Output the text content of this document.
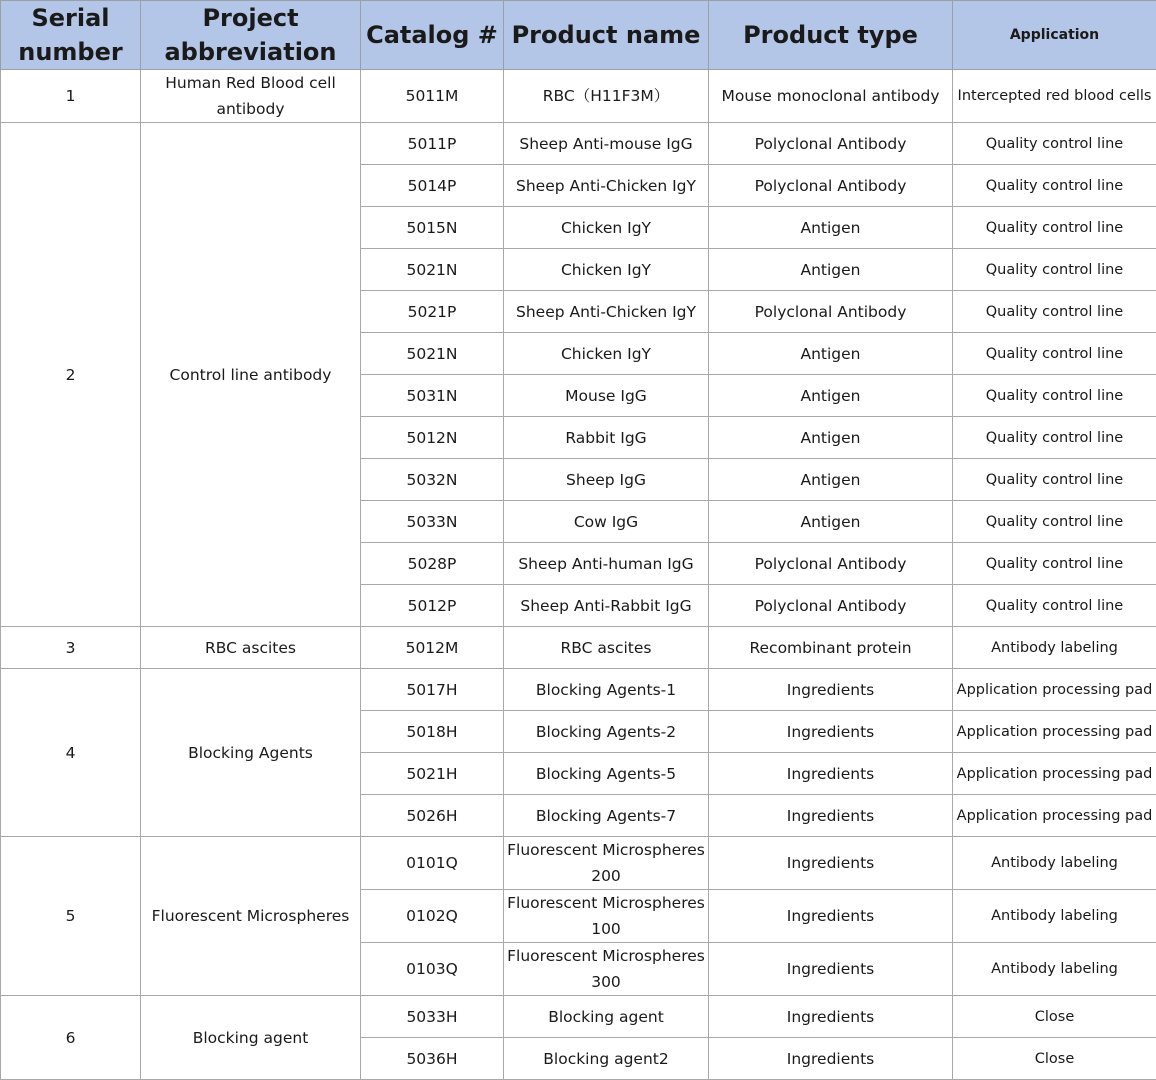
Serial number	Project abbreviation	Catalog #	Product name	Product type	Application
1	Human Red Blood cell antibody	5011M	RBC（H11F3M）	Mouse monoclonal antibody	Intercepted red blood cells
2	Control line antibody	5011P	Sheep Anti-mouse IgG	Polyclonal Antibody	Quality control line
		5014P	Sheep Anti-Chicken IgY	Polyclonal Antibody	Quality control line
		5015N	Chicken IgY	Antigen	Quality control line
		5021N	Chicken IgY	Antigen	Quality control line
		5021P	Sheep Anti-Chicken IgY	Polyclonal Antibody	Quality control line
		5021N	Chicken IgY	Antigen	Quality control line
		5031N	Mouse IgG	Antigen	Quality control line
		5012N	Rabbit IgG	Antigen	Quality control line
		5032N	Sheep IgG	Antigen	Quality control line
		5033N	Cow IgG	Antigen	Quality control line
		5028P	Sheep Anti-human IgG	Polyclonal Antibody	Quality control line
		5012P	Sheep Anti-Rabbit IgG	Polyclonal Antibody	Quality control line
3	RBC ascites	5012M	RBC ascites	Recombinant protein	Antibody labeling
4	Blocking Agents	5017H	Blocking Agents-1	Ingredients	Application processing pad
		5018H	Blocking Agents-2	Ingredients	Application processing pad
		5021H	Blocking Agents-5	Ingredients	Application processing pad
		5026H	Blocking Agents-7	Ingredients	Application processing pad
5	Fluorescent Microspheres	0101Q	Fluorescent Microspheres 200	Ingredients	Antibody labeling
		0102Q	Fluorescent Microspheres 100	Ingredients	Antibody labeling
		0103Q	Fluorescent Microspheres 300	Ingredients	Antibody labeling
6	Blocking agent	5033H	Blocking agent	Ingredients	Close
		5036H	Blocking agent2	Ingredients	Close
